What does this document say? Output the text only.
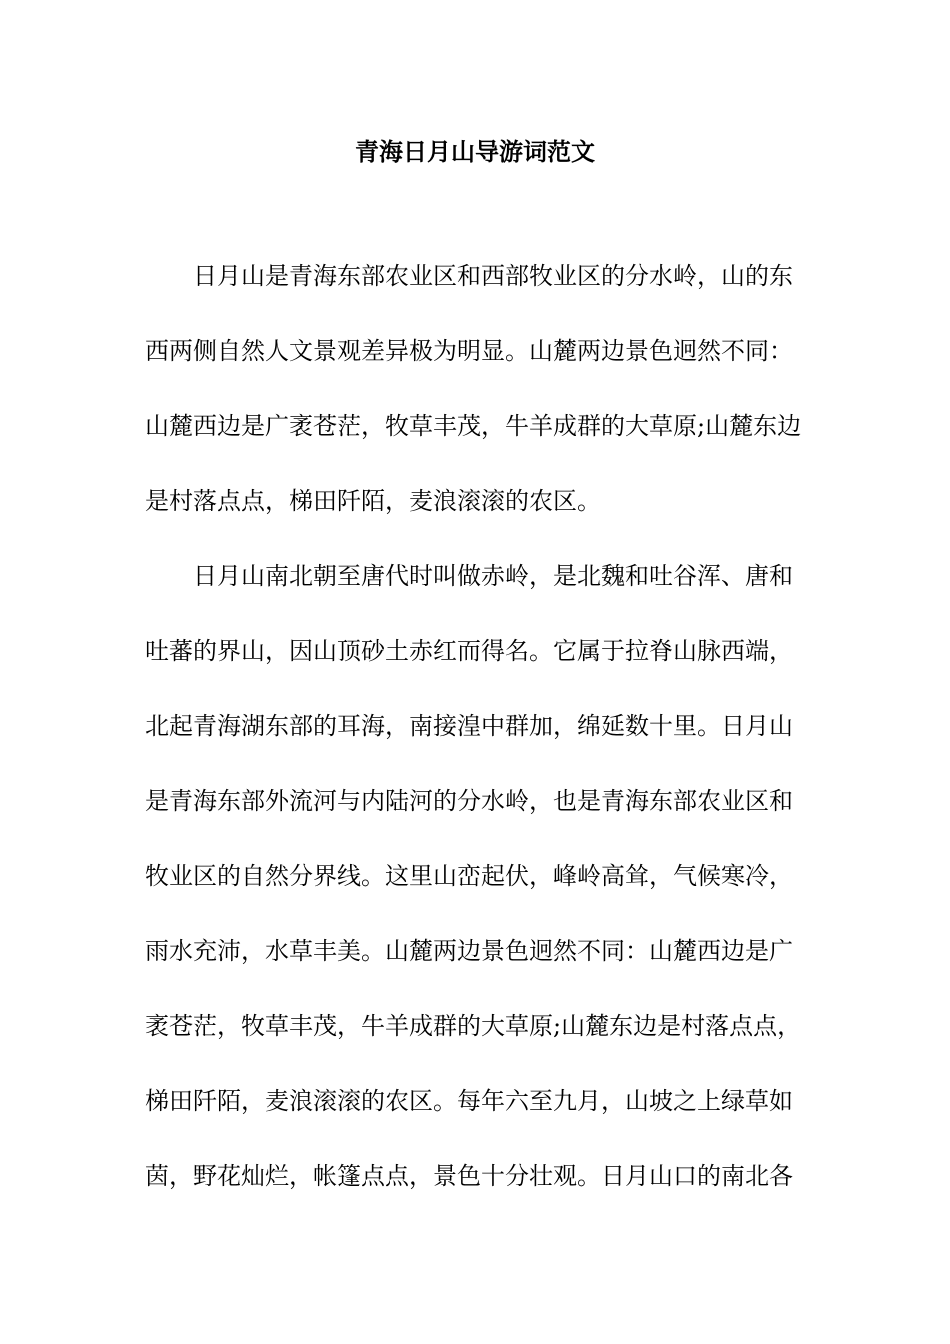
青海日月山导游词范文
日月山是青海东部农业区和西部牧业区的分水岭，山的东
西两侧自然人文景观差异极为明显。山麓两边景色迥然不同：
山麓西边是广袤苍茫，牧草丰茂，牛羊成群的大草原;山麓东边
是村落点点，梯田阡陌，麦浪滚滚的农区。
日月山南北朝至唐代时叫做赤岭，是北魏和吐谷浑、唐和
吐蕃的界山，因山顶砂土赤红而得名。它属于拉脊山脉西端，
北起青海湖东部的耳海，南接湟中群加，绵延数十里。日月山
是青海东部外流河与内陆河的分水岭，也是青海东部农业区和
牧业区的自然分界线。这里山峦起伏，峰岭高耸，气候寒冷，
雨水充沛，水草丰美。山麓两边景色迥然不同：山麓西边是广
袤苍茫，牧草丰茂，牛羊成群的大草原;山麓东边是村落点点，
梯田阡陌，麦浪滚滚的农区。每年六至九月，山坡之上绿草如
茵，野花灿烂，帐篷点点，景色十分壮观。日月山口的南北各
